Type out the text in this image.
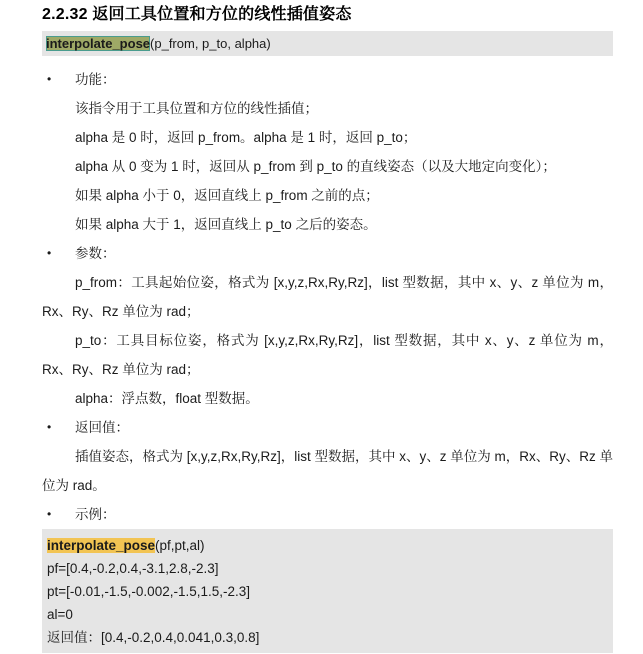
2.2.32 返回工具位置和方位的线性插值姿态
interpolate_pose(p_from, p_to, alpha)
• 功能：

该指令用于工具位置和方位的线性插值；

alpha 是 0 时，返回 p_from。alpha 是 1 时，返回 p_to；

alpha 从 0 变为 1 时，返回从 p_from 到 p_to 的直线姿态（以及大地定向变化）；

如果 alpha 小于 0，返回直线上 p_from 之前的点；

如果 alpha 大于 1，返回直线上 p_to 之后的姿态。

• 参数：

p_from：工具起始位姿，格式为 [x,y,z,Rx,Ry,Rz]，list 型数据，其中 x、y、z 单位为 m，Rx、Ry、Rz 单位为 rad；

p_to：工具目标位姿，格式为 [x,y,z,Rx,Ry,Rz]，list 型数据，其中 x、y、z 单位为 m，Rx、Ry、Rz 单位为 rad；

alpha：浮点数，float 型数据。

• 返回值：

插值姿态，格式为 [x,y,z,Rx,Ry,Rz]，list 型数据，其中 x、y、z 单位为 m，Rx、Ry、Rz 单位为 rad。

• 示例：
interpolate_pose(pf,pt,al)
pf=[0.4,-0.2,0.4,-3.1,2.8,-2.3]
pt=[-0.01,-1.5,-0.002,-1.5,1.5,-2.3]
al=0
返回值：[0.4,-0.2,0.4,0.041,0.3,0.8]
